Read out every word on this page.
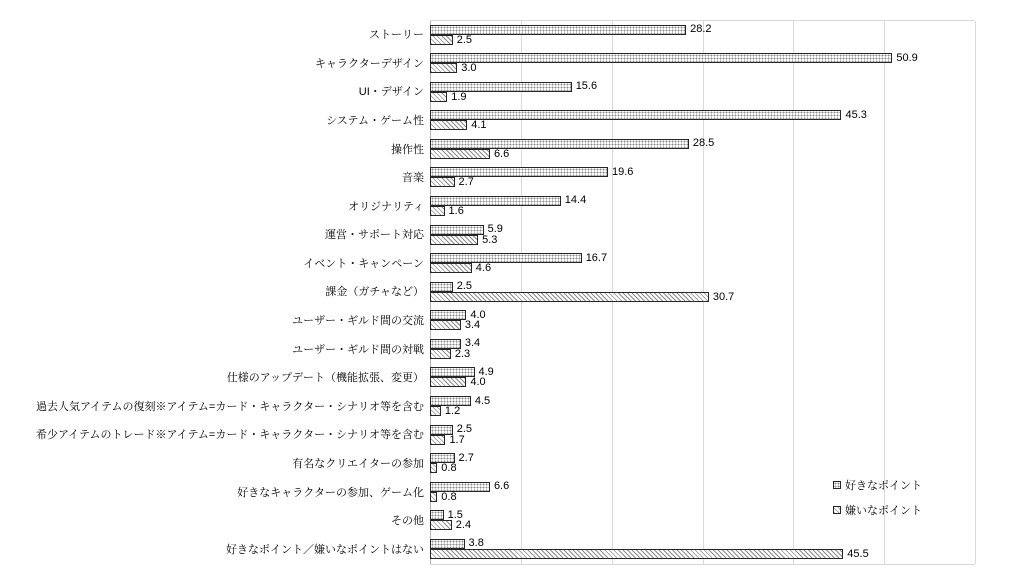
ストーリー
キャラクターデザイン
UI・デザイン
システム・ゲーム性
操作性
音楽
オリジナリティ
運営・サポート対応
イベント・キャンペーン
課金（ガチャなど）
ユーザー・ギルド間の交流
ユーザー・ギルド間の対戦
仕様のアップデート（機能拡張、変更）
過去人気アイテムの復刻※アイテム=カード・キャラクター・シナリオ等を含む
希少アイテムのトレード※アイテム=カード・キャラクター・シナリオ等を含む
有名なクリエイターの参加
好きなキャラクターの参加、ゲーム化
その他
好きなポイント／嫌いなポイントはない
28.2
2.5
50.9
3.0
15.6
1.9
45.3
4.1
28.5
6.6
19.6
2.7
14.4
1.6
5.9
5.3
16.7
4.6
2.5
30.7
4.0
3.4
3.4
2.3
4.9
4.0
4.5
1.2
2.5
1.7
2.7
0.8
6.6
0.8
1.5
2.4
3.8
45.5
好きなポイント
嫌いなポイント
